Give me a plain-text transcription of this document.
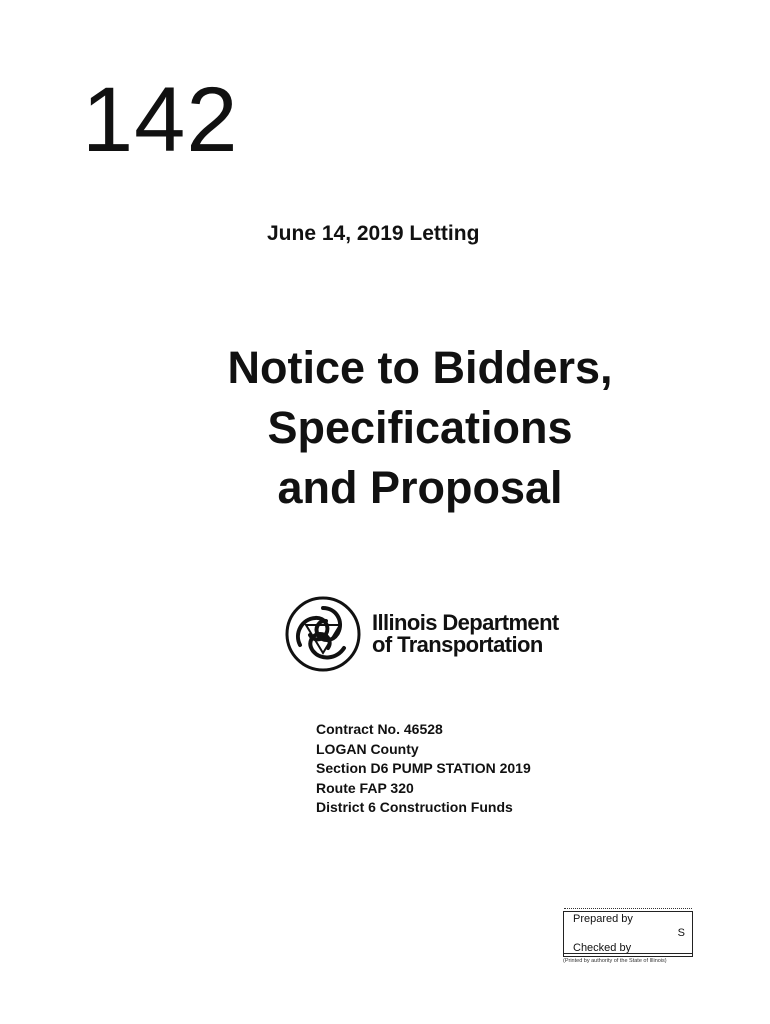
142
June 14, 2019 Letting
Notice to Bidders,
Specifications
and Proposal
Illinois Department
of Transportation
Contract No. 46528
LOGAN County
Section D6 PUMP STATION 2019
Route FAP 320
District 6 Construction Funds
Prepared by
S
Checked by
(Printed by authority of the State of Illinois)
